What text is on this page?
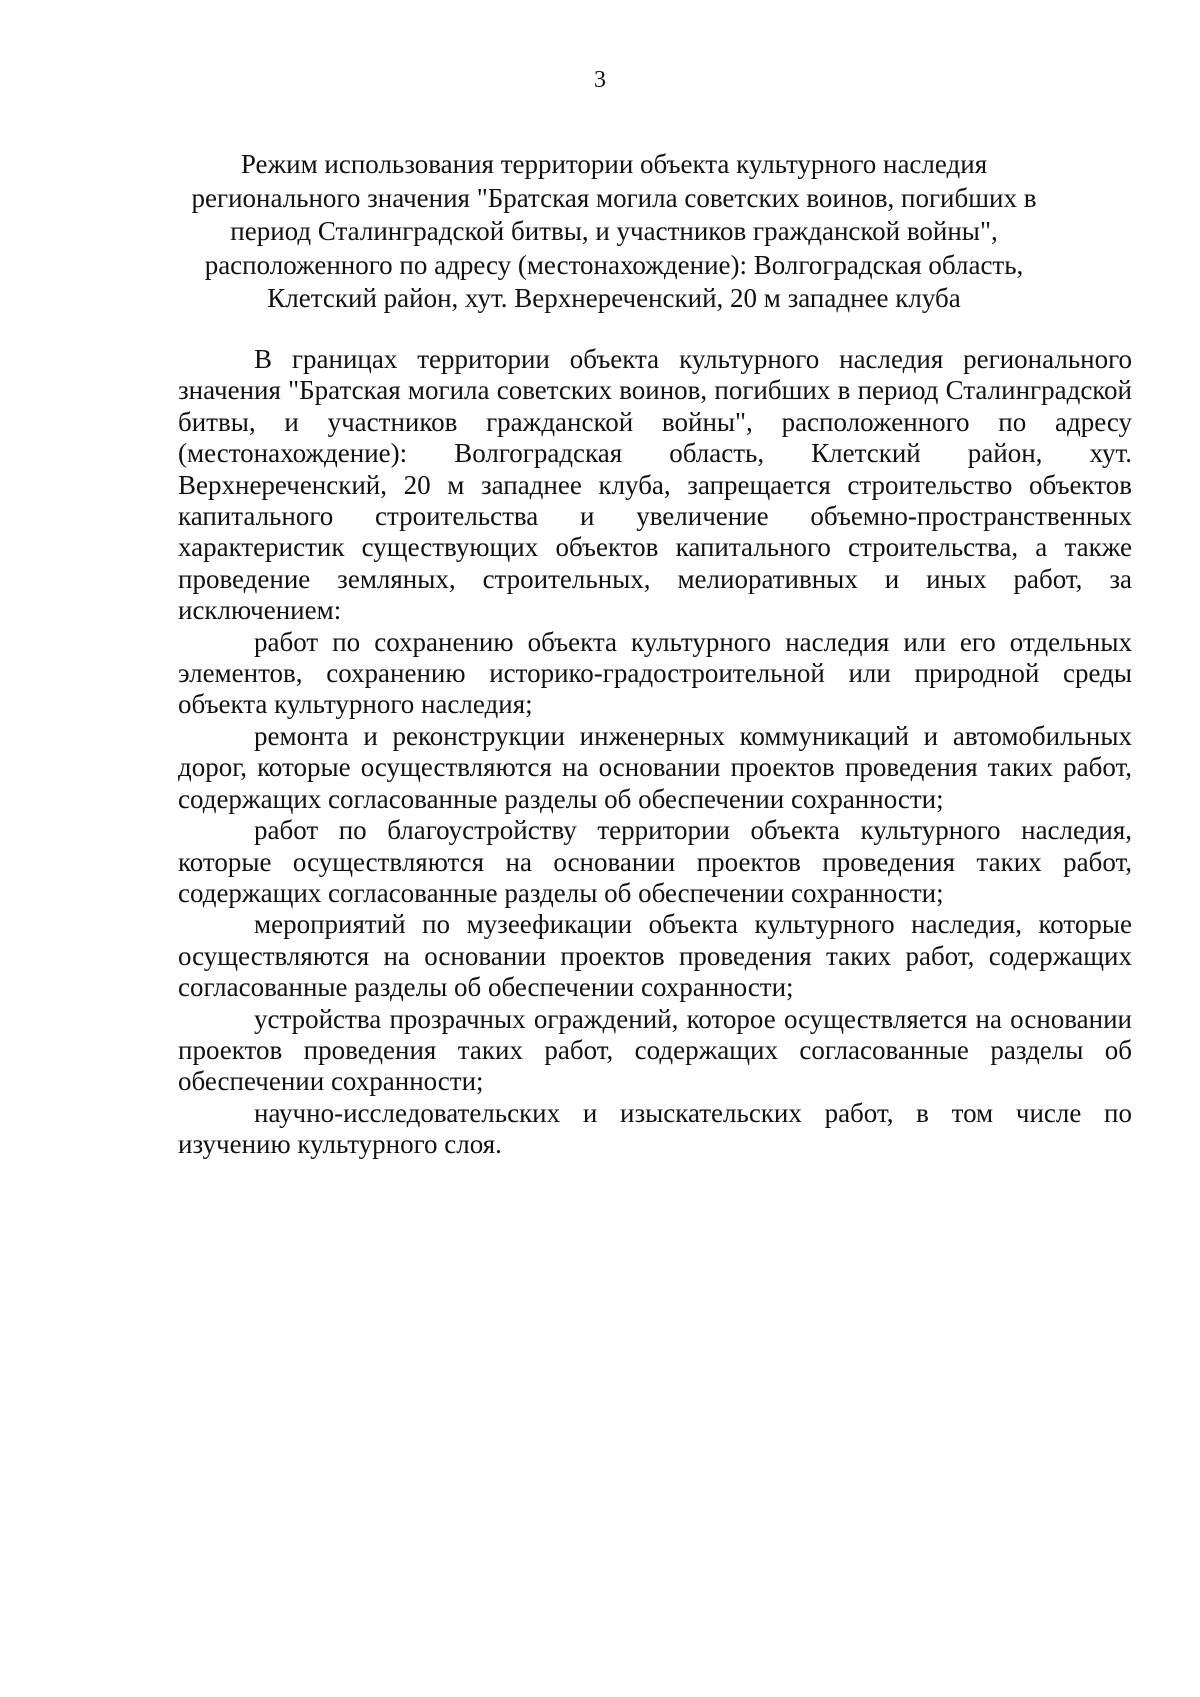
3
Режим использования территории объекта культурного наследия
регионального значения "Братская могила советских воинов, погибших в
период Сталинградской битвы, и участников гражданской войны",
расположенного по адресу (местонахождение): Волгоградская область,
Клетский район, хут. Верхнереченский, 20 м западнее клуба

В границах территории объекта культурного наследия регионального значения "Братская могила советских воинов, погибших в период Сталинградской битвы, и участников гражданской войны", расположенного по адресу (местонахождение): Волгоградская область, Клетский район, хут. Верхнереченский, 20 м западнее клуба, запрещается строительство объектов капитального строительства и увеличение объемно-пространственных характеристик существующих объектов капитального строительства, а также проведение земляных, строительных, мелиоративных и иных работ, за исключением:

работ по сохранению объекта культурного наследия или его отдельных элементов, сохранению историко-градостроительной или природной среды объекта культурного наследия;

ремонта и реконструкции инженерных коммуникаций и автомобильных дорог, которые осуществляются на основании проектов проведения таких работ, содержащих согласованные разделы об обеспечении сохранности;

работ по благоустройству территории объекта культурного наследия, которые осуществляются на основании проектов проведения таких работ, содержащих согласованные разделы об обеспечении сохранности;

мероприятий по музеефикации объекта культурного наследия, которые осуществляются на основании проектов проведения таких работ, содержащих согласованные разделы об обеспечении сохранности;

устройства прозрачных ограждений, которое осуществляется на основании проектов проведения таких работ, содержащих согласованные разделы об обеспечении сохранности;

научно-исследовательских и изыскательских работ, в том числе по изучению культурного слоя.
